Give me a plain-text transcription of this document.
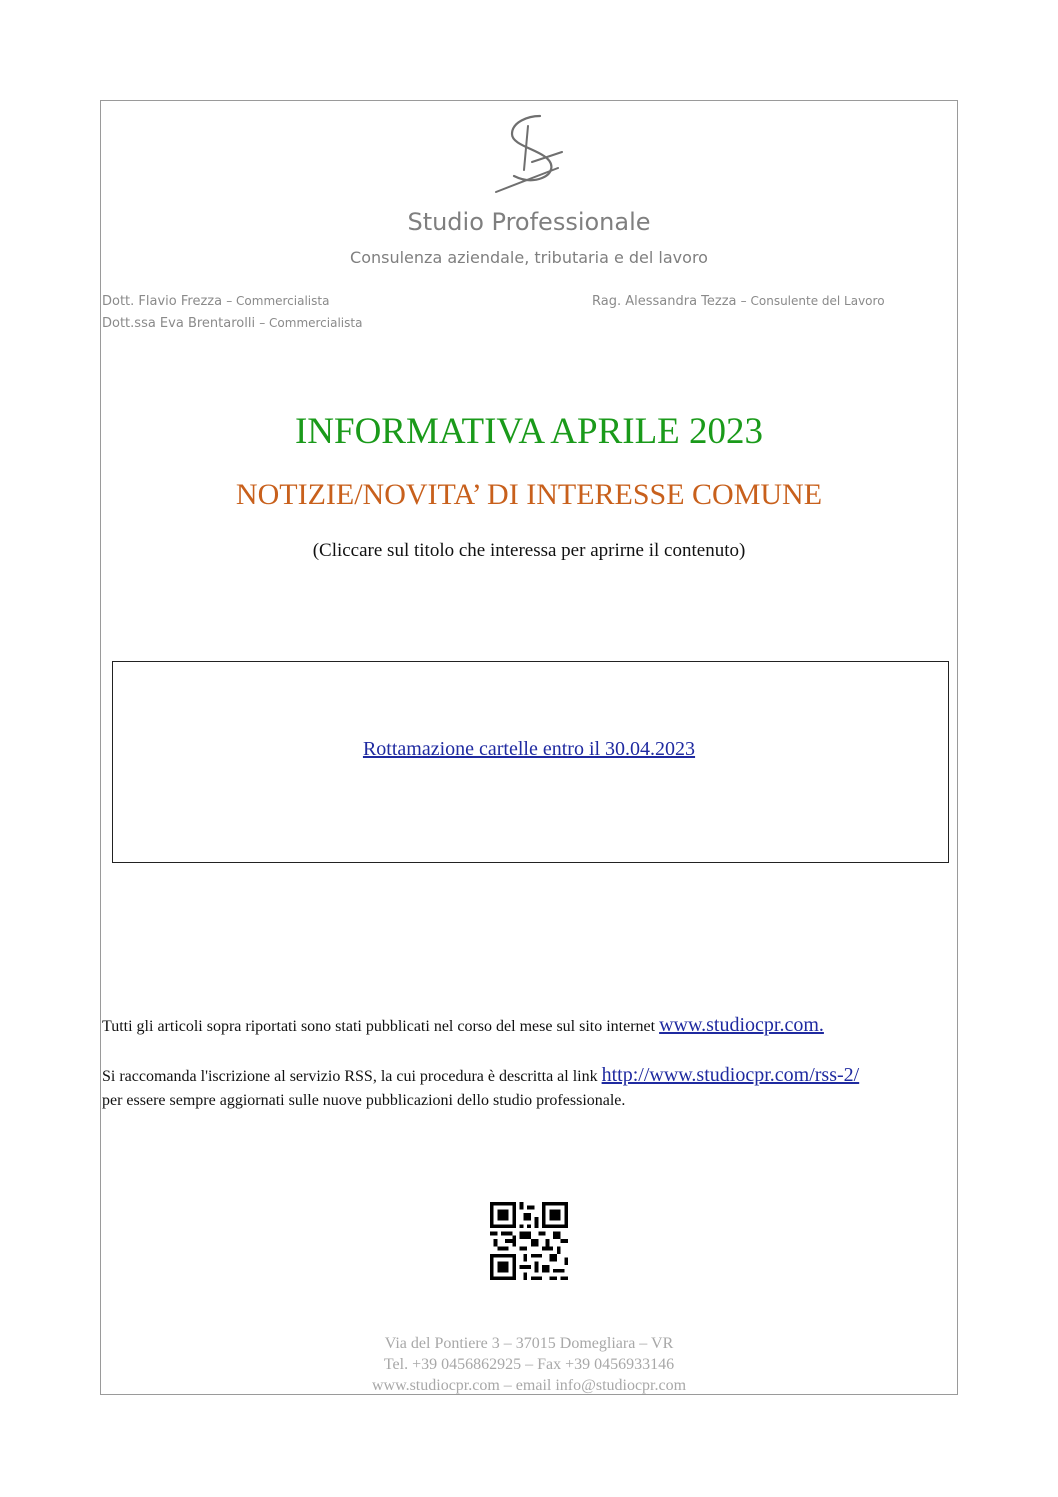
Studio Professionale
Consulenza aziendale, tributaria e del lavoro
Dott. Flavio Frezza – Commercialista	Rag. Alessandra Tezza – Consulente del Lavoro
Dott.ssa Eva Brentarolli – Commercialista
INFORMATIVA APRILE 2023
NOTIZIE/NOVITA’ DI INTERESSE COMUNE
(Cliccare sul titolo che interessa per aprirne il contenuto)
Rottamazione cartelle entro il 30.04.2023
Tutti gli articoli sopra riportati sono stati pubblicati nel corso del mese sul sito internet www.studiocpr.com.
Si raccomanda l'iscrizione al servizio RSS, la cui procedura è descritta al link http://www.studiocpr.com/rss-2/
per essere sempre aggiornati sulle nuove pubblicazioni dello studio professionale.
Via del Pontiere 3 – 37015 Domegliara – VR
Tel. +39 0456862925 – Fax +39 0456933146
www.studiocpr.com – email info@studiocpr.com
